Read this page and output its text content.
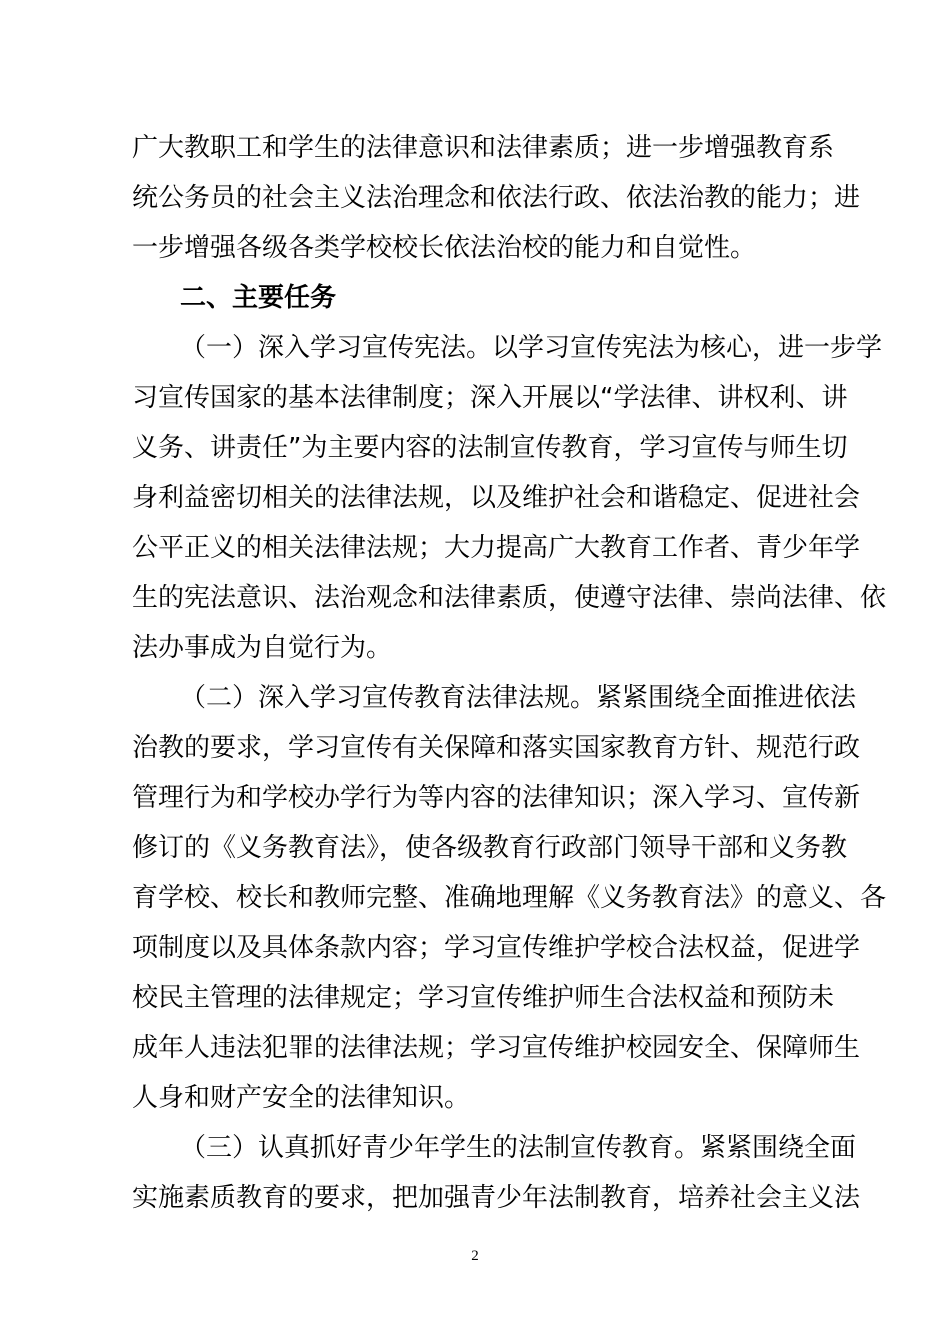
广大教职工和学生的法律意识和法律素质；进一步增强教育系
统公务员的社会主义法治理念和依法行政、依法治教的能力；进
一步增强各级各类学校校长依法治校的能力和自觉性。
二、主要任务
（一）深入学习宣传宪法。以学习宣传宪法为核心，进一步学
习宣传国家的基本法律制度；深入开展以“学法律、讲权利、讲
义务、讲责任”为主要内容的法制宣传教育，学习宣传与师生切
身利益密切相关的法律法规，以及维护社会和谐稳定、促进社会
公平正义的相关法律法规；大力提高广大教育工作者、青少年学
生的宪法意识、法治观念和法律素质，使遵守法律、崇尚法律、依
法办事成为自觉行为。
（二）深入学习宣传教育法律法规。紧紧围绕全面推进依法
治教的要求，学习宣传有关保障和落实国家教育方针、规范行政
管理行为和学校办学行为等内容的法律知识；深入学习、宣传新
修订的《义务教育法》，使各级教育行政部门领导干部和义务教
育学校、校长和教师完整、准确地理解《义务教育法》的意义、各
项制度以及具体条款内容；学习宣传维护学校合法权益，促进学
校民主管理的法律规定；学习宣传维护师生合法权益和预防未
成年人违法犯罪的法律法规；学习宣传维护校园安全、保障师生
人身和财产安全的法律知识。
（三）认真抓好青少年学生的法制宣传教育。紧紧围绕全面
实施素质教育的要求，把加强青少年法制教育，培养社会主义法
2
